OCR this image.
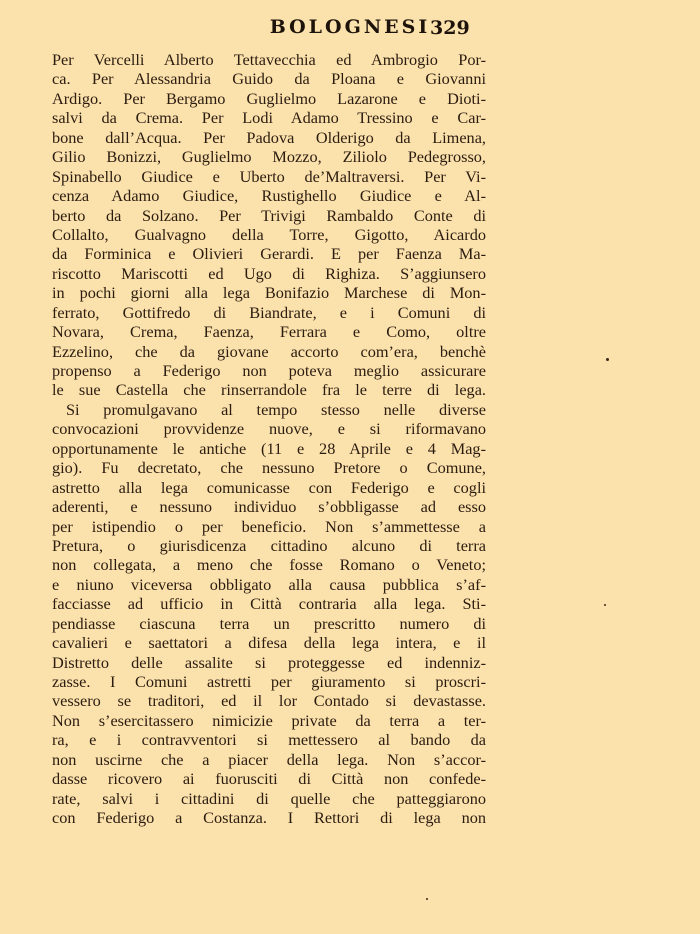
BOLOGNESI 329
Per Vercelli Alberto Tettavecchia ed Ambrogio Por-
ca. Per Alessandria Guido da Ploana e Giovanni
Ardigo. Per Bergamo Guglielmo Lazarone e Dioti-
salvi da Crema. Per Lodi Adamo Tressino e Car-
bone dall’Acqua. Per Padova Olderigo da Limena,
Gilio Bonizzi, Guglielmo Mozzo, Ziliolo Pedegrosso,
Spinabello Giudice e Uberto de’Maltraversi. Per Vi-
cenza Adamo Giudice, Rustighello Giudice e Al-
berto da Solzano. Per Trivigi Rambaldo Conte di
Collalto, Gualvagno della Torre, Gigotto, Aicardo
da Forminica e Olivieri Gerardi. E per Faenza Ma-
riscotto Mariscotti ed Ugo di Righiza. S’aggiunsero
in pochi giorni alla lega Bonifazio Marchese di Mon-
ferrato, Gottifredo di Biandrate, e i Comuni di
Novara, Crema, Faenza, Ferrara e Como, oltre
Ezzelino, che da giovane accorto com’era, benchè
propenso a Federigo non poteva meglio assicurare
le sue Castella che rinserrandole fra le terre di lega.
Si promulgavano al tempo stesso nelle diverse
convocazioni provvidenze nuove, e si riformavano
opportunamente le antiche (11 e 28 Aprile e 4 Mag-
gio). Fu decretato, che nessuno Pretore o Comune,
astretto alla lega comunicasse con Federigo e cogli
aderenti, e nessuno individuo s’obbligasse ad esso
per istipendio o per beneficio. Non s’ammettesse a
Pretura, o giurisdicenza cittadino alcuno di terra
non collegata, a meno che fosse Romano o Veneto;
e niuno viceversa obbligato alla causa pubblica s’af-
facciasse ad ufficio in Città contraria alla lega. Sti-
pendiasse ciascuna terra un prescritto numero di
cavalieri e saettatori a difesa della lega intera, e il
Distretto delle assalite si proteggesse ed indenniz-
zasse. I Comuni astretti per giuramento si proscri-
vessero se traditori, ed il lor Contado si devastasse.
Non s’esercitassero nimicizie private da terra a ter-
ra, e i contravventori si mettessero al bando da
non uscirne che a piacer della lega. Non s’accor-
dasse ricovero ai fuorusciti di Città non confede-
rate, salvi i cittadini di quelle che patteggiarono
con Federigo a Costanza. I Rettori di lega non
